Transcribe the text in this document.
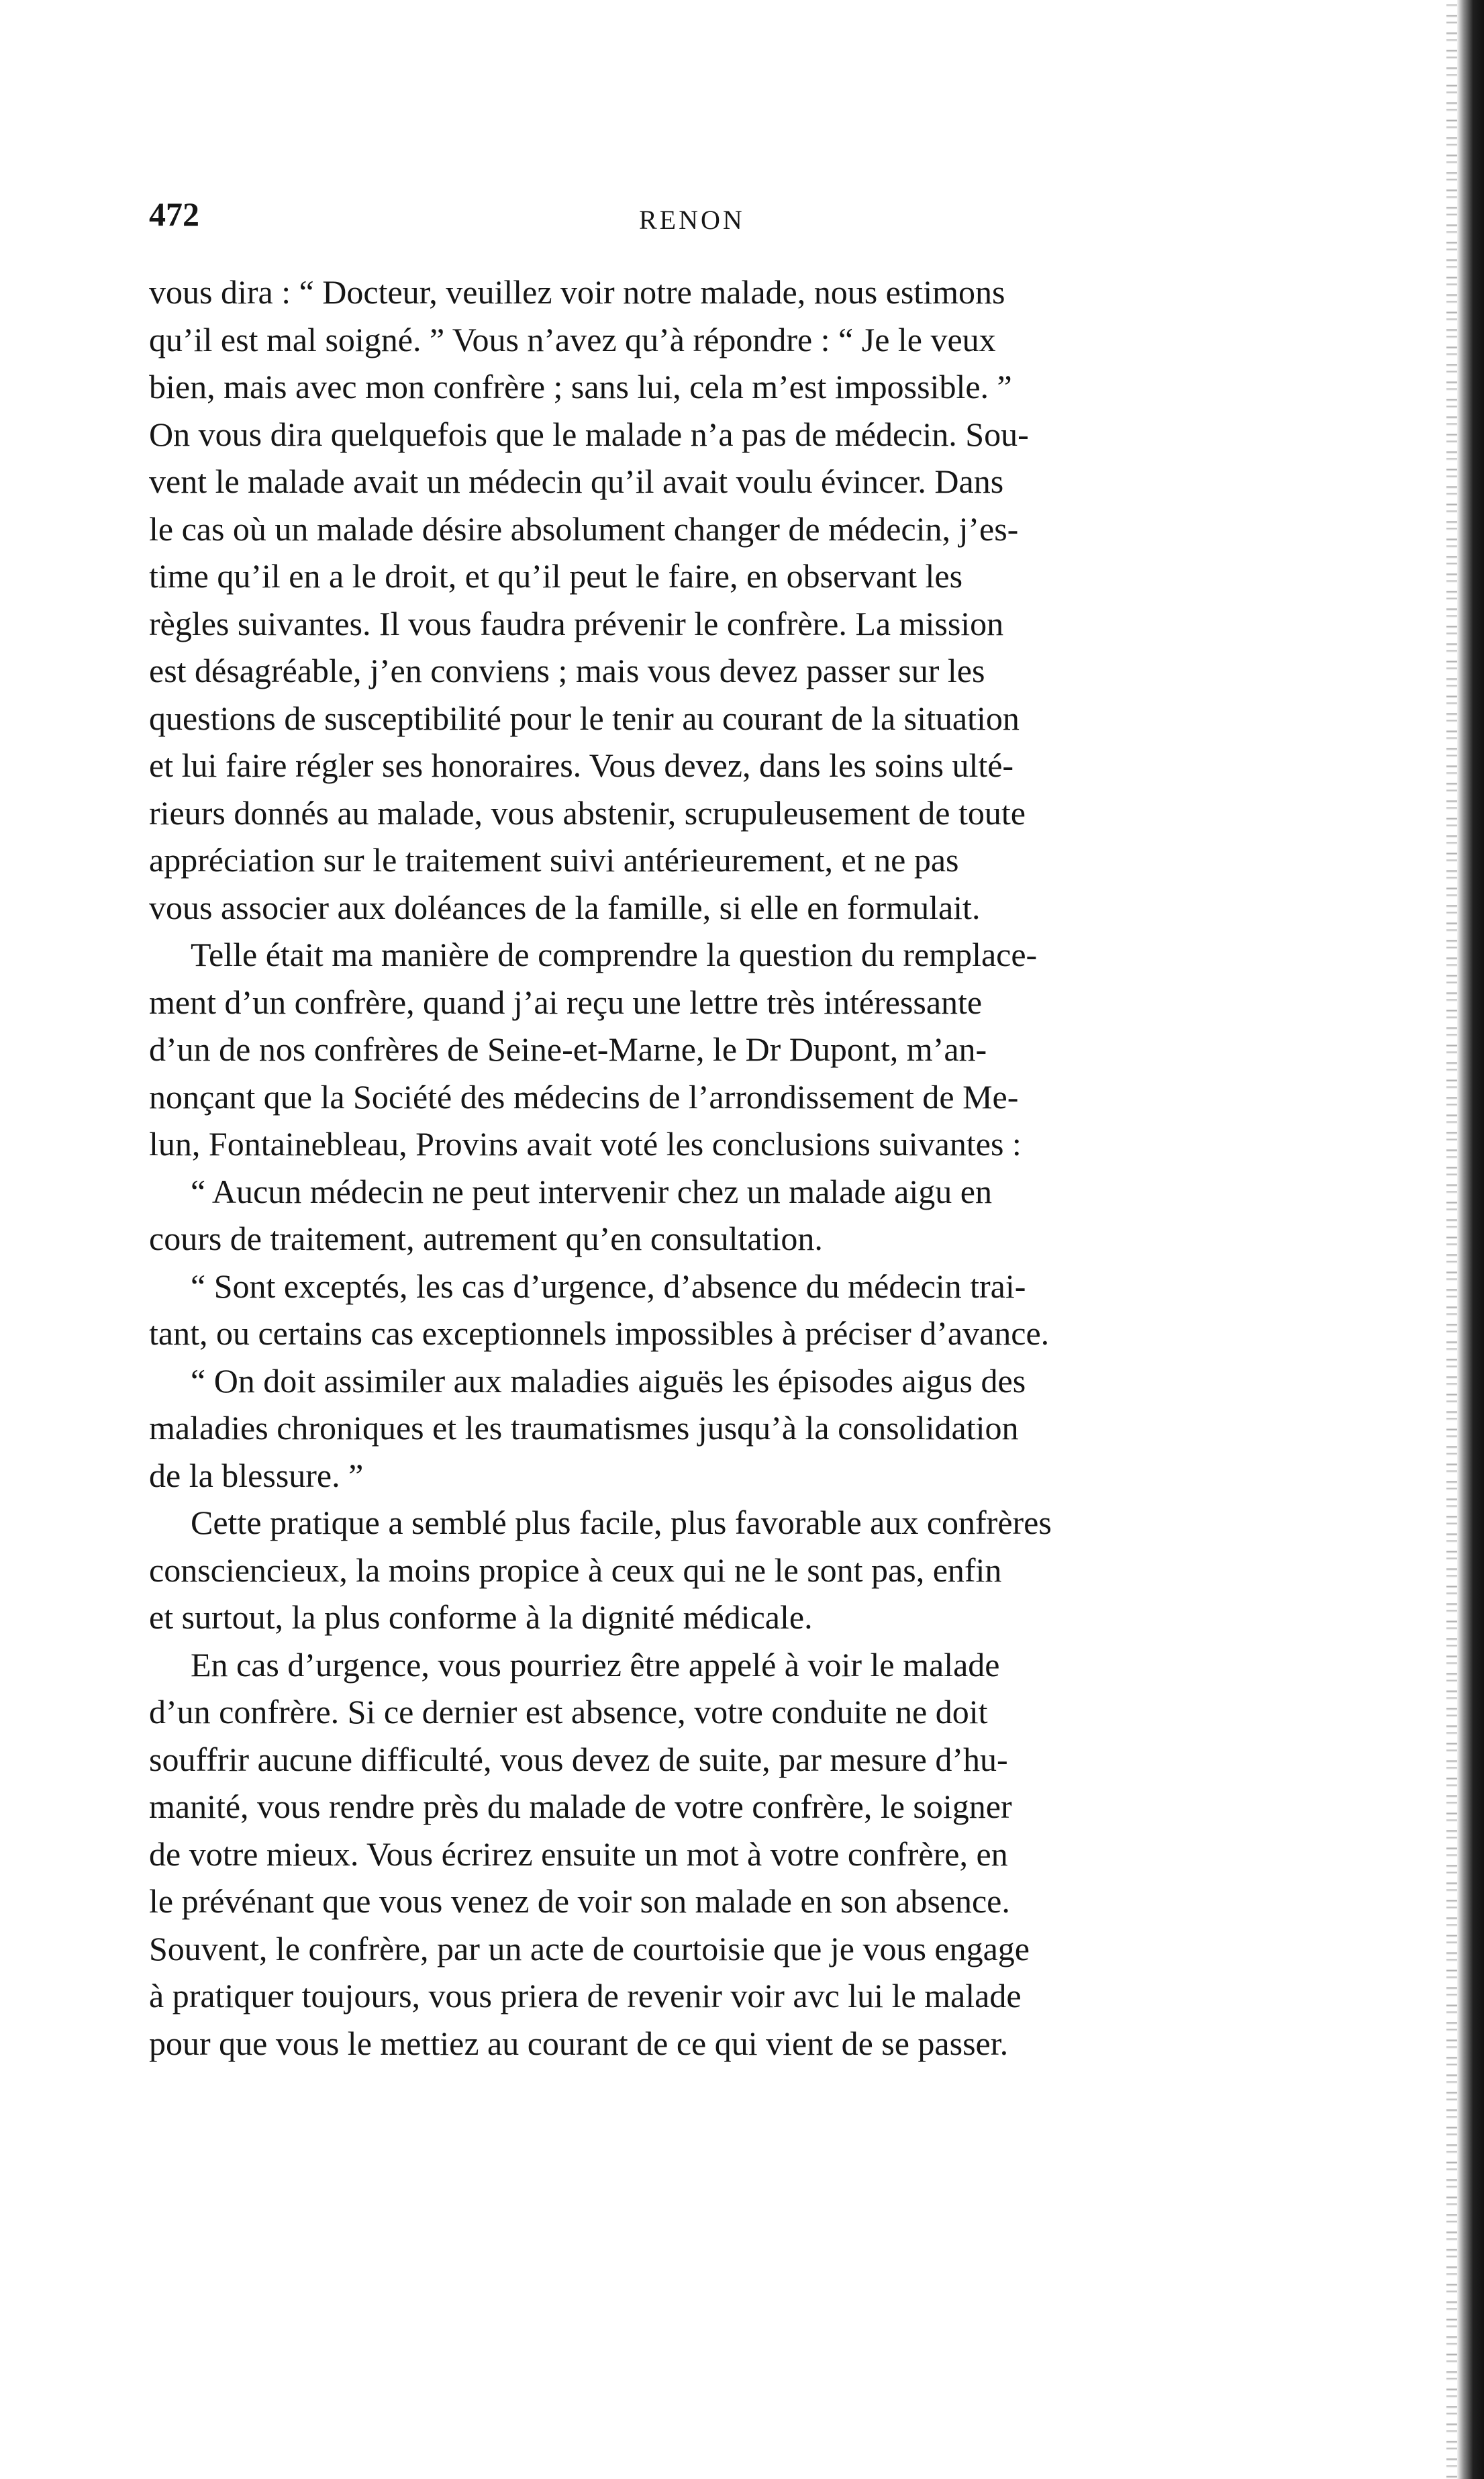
472	RENON

vous dira : “ Docteur, veuillez voir notre malade, nous estimons
qu’il est mal soigné. ” Vous n’avez qu’à répondre : “ Je le veux
bien, mais avec mon confrère ; sans lui, cela m’est impossible. ”
On vous dira quelquefois que le malade n’a pas de médecin. Sou-
vent le malade avait un médecin qu’il avait voulu évincer. Dans
le cas où un malade désire absolument changer de médecin, j’es-
time qu’il en a le droit, et qu’il peut le faire, en observant les
règles suivantes. Il vous faudra prévenir le confrère. La mission
est désagréable, j’en conviens ; mais vous devez passer sur les
questions de susceptibilité pour le tenir au courant de la situation
et lui faire régler ses honoraires. Vous devez, dans les soins ulté-
rieurs donnés au malade, vous abstenir, scrupuleusement de toute
appréciation sur le traitement suivi antérieurement, et ne pas
vous associer aux doléances de la famille, si elle en formulait.

Telle était ma manière de comprendre la question du remplace-
ment d’un confrère, quand j’ai reçu une lettre très intéressante
d’un de nos confrères de Seine-et-Marne, le Dr Dupont, m’an-
nonçant que la Société des médecins de l’arrondissement de Me-
lun, Fontainebleau, Provins avait voté les conclusions suivantes :

“ Aucun médecin ne peut intervenir chez un malade aigu en
cours de traitement, autrement qu’en consultation.

“ Sont exceptés, les cas d’urgence, d’absence du médecin trai-
tant, ou certains cas exceptionnels impossibles à préciser d’avance.

“ On doit assimiler aux maladies aiguës les épisodes aigus des
maladies chroniques et les traumatismes jusqu’à la consolidation
de la blessure. ”

Cette pratique a semblé plus facile, plus favorable aux confrères
consciencieux, la moins propice à ceux qui ne le sont pas, enfin
et surtout, la plus conforme à la dignité médicale.

En cas d’urgence, vous pourriez être appelé à voir le malade
d’un confrère. Si ce dernier est absence, votre conduite ne doit
souffrir aucune difficulté, vous devez de suite, par mesure d’hu-
manité, vous rendre près du malade de votre confrère, le soigner
de votre mieux. Vous écrirez ensuite un mot à votre confrère, en
le prévénant que vous venez de voir son malade en son absence.
Souvent, le confrère, par un acte de courtoisie que je vous engage
à pratiquer toujours, vous priera de revenir voir avc lui le malade
pour que vous le mettiez au courant de ce qui vient de se passer.
